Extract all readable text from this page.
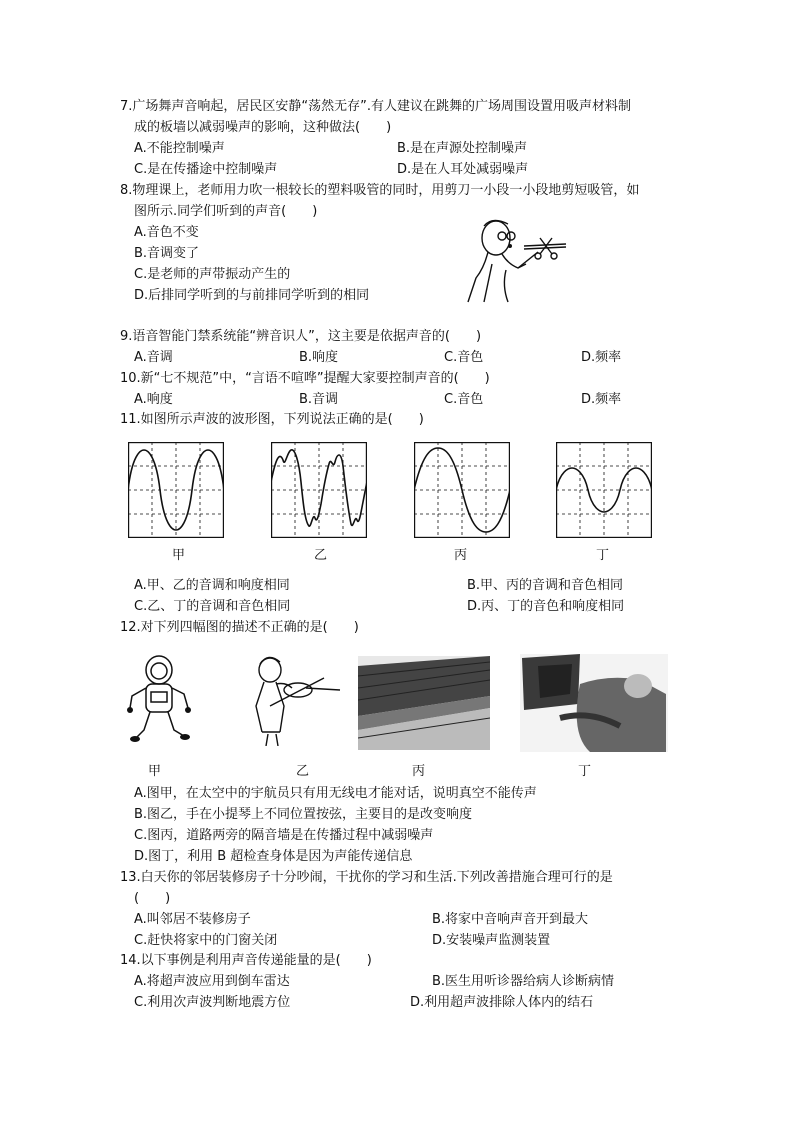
7.广场舞声音响起，居民区安静“荡然无存”.有人建议在跳舞的广场周围设置用吸声材料制
成的板墙以减弱噪声的影响，这种做法(　　)
A.不能控制噪声	B.是在声源处控制噪声
C.是在传播途中控制噪声	D.是在人耳处减弱噪声
8.物理课上，老师用力吹一根较长的塑料吸管的同时，用剪刀一小段一小段地剪短吸管，如
图所示.同学们听到的声音(　　)
A.音色不变
B.音调变了
C.是老师的声带振动产生的
D.后排同学听到的与前排同学听到的相同
9.语音智能门禁系统能“辨音识人”，这主要是依据声音的(　　)
A.音调	B.响度	C.音色	D.频率
10.新“七不规范”中，“言语不喧哗”提醒大家要控制声音的(　　)
A.响度	B.音调	C.音色	D.频率
11.如图所示声波的波形图，下列说法正确的是(　　)
甲	乙	丙	丁
A.甲、乙的音调和响度相同	B.甲、丙的音调和音色相同
C.乙、丁的音调和音色相同	D.丙、丁的音色和响度相同
12.对下列四幅图的描述不正确的是(　　)
甲	乙	丙	丁
A.图甲，在太空中的宇航员只有用无线电才能对话，说明真空不能传声
B.图乙，手在小提琴上不同位置按弦，主要目的是改变响度
C.图丙，道路两旁的隔音墙是在传播过程中减弱噪声
D.图丁，利用 B 超检查身体是因为声能传递信息
13.白天你的邻居装修房子十分吵闹，干扰你的学习和生活.下列改善措施合理可行的是
(　　)
A.叫邻居不装修房子	B.将家中音响声音开到最大
C.赶快将家中的门窗关闭	D.安装噪声监测装置
14.以下事例是利用声音传递能量的是(　　)
A.将超声波应用到倒车雷达	B.医生用听诊器给病人诊断病情
C.利用次声波判断地震方位	D.利用超声波排除人体内的结石
